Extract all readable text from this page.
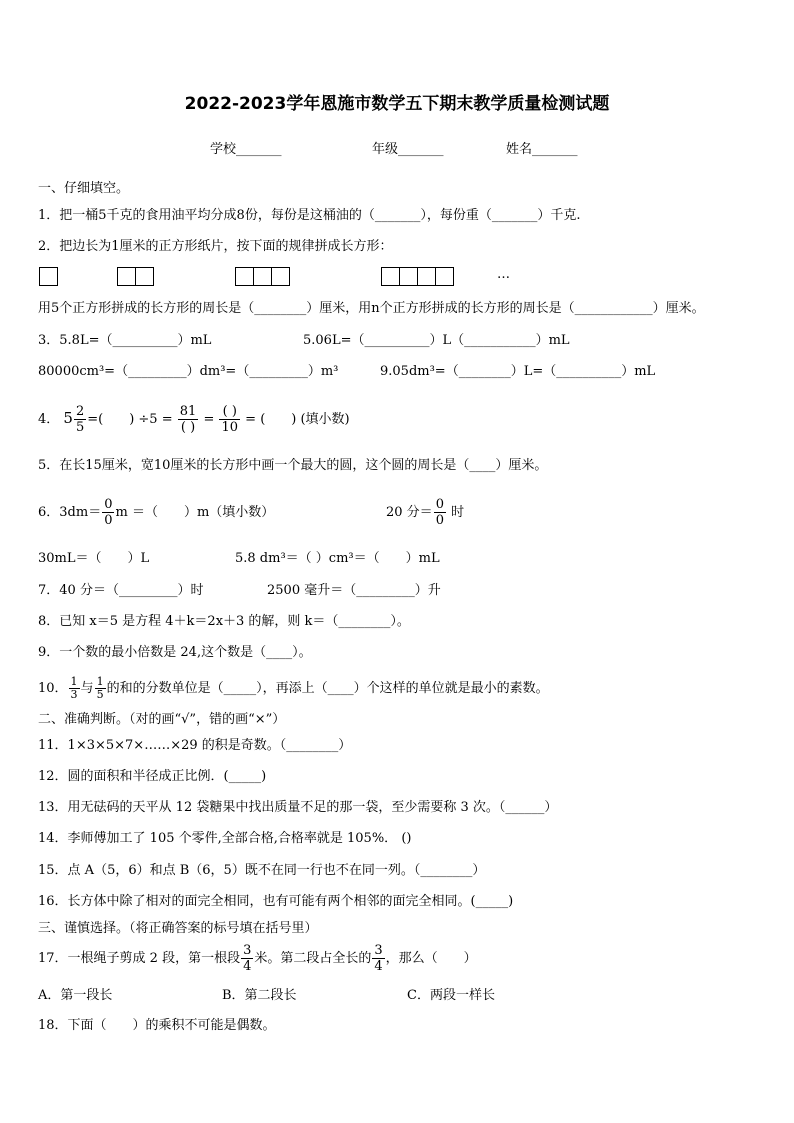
2022-2023学年恩施市数学五下期末教学质量检测试题
学校_______	年级_______	姓名_______
一、仔细填空。
1．把一桶5千克的食用油平均分成8份，每份是这桶油的（_______），每份重（_______）千克.
2．把边长为1厘米的正方形纸片，按下面的规律拼成长方形：
…
用5个正方形拼成的长方形的周长是（________）厘米，用n个正方形拼成的长方形的周长是（____________）厘米。
3．5.8L=（__________）mL	5.06L=（__________）L（___________）mL
80000cm³=（_________）dm³=（_________）m³	9.05dm³=（________）L=（__________）mL
4． $5 \frac{2}{5}$ =(　　) $\div 5 = \frac{81}{( )} = \frac{( )}{10}$ = (　　) (填小数)
5．在长15厘米，宽10厘米的长方形中画一个最大的圆，这个圆的周长是（____）厘米。
6．$3dm= \frac{0}{0}$ m ＝（　　）m（填小数）	20 分＝ $\frac{0}{0}$ 时
30mL＝（　　）L	5.8 dm³＝（ ）cm³＝（　　）mL
7．40 分＝（_________）时	2500 毫升＝（_________）升
8．已知 x＝5 是方程 4＋k＝2x＋3 的解，则 k＝（________）。
9．一个数的最小倍数是 24,这个数是（____）。
10． $\frac{1}{3}$ 与 $\frac{1}{5}$ 的和的分数单位是（_____），再添上（____）个这样的单位就是最小的素数。
二、准确判断。（对的画“√”，错的画“×”）
11．1×3×5×7×……×29 的积是奇数。（________）
12．圆的面积和半径成正比例．(_____)
13．用无砝码的天平从 12 袋糖果中找出质量不足的那一袋，至少需要称 3 次。（______）
14．李师傅加工了 105 个零件,全部合格,合格率就是 105%． ()
15．点 A（5，6）和点 B（6，5）既不在同一行也不在同一列。（________）
16．长方体中除了相对的面完全相同，也有可能有两个相邻的面完全相同。(_____)
三、谨慎选择。（将正确答案的标号填在括号里）
17．一根绳子剪成 2 段，第一根段 $\frac{3}{4}$ 米。第二段占全长的 $\frac{3}{4}$ ，那么（　　）
A．第一段长	B．第二段长	C．两段一样长
18．下面（　　）的乘积不可能是偶数。
